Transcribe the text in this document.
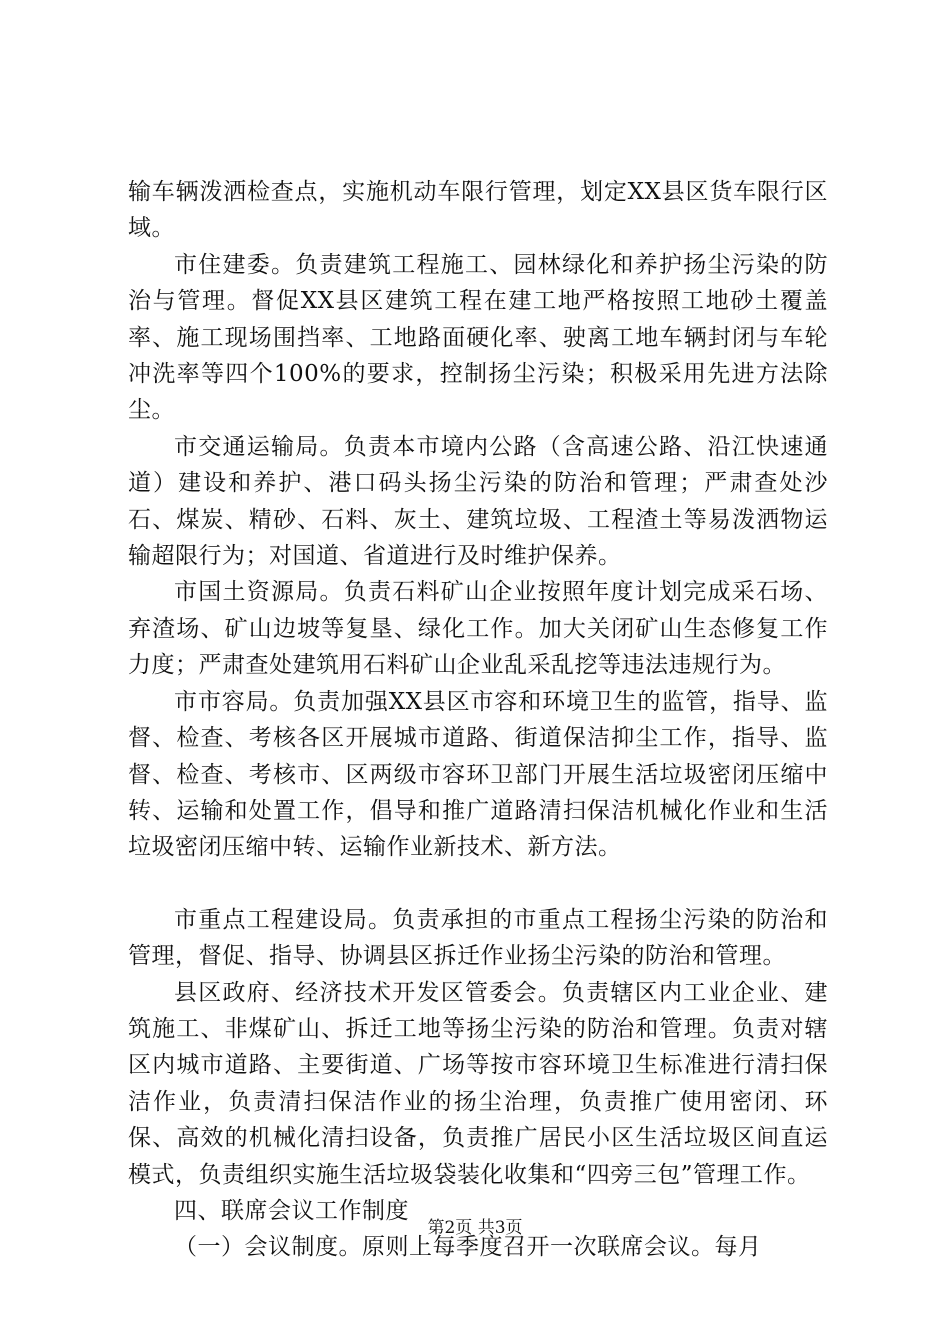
输车辆泼洒检查点，实施机动车限行管理，划定XX县区货车限行区域。

市住建委。负责建筑工程施工、园林绿化和养护扬尘污染的防治与管理。督促XX县区建筑工程在建工地严格按照工地砂土覆盖率、施工现场围挡率、工地路面硬化率、驶离工地车辆封闭与车轮冲洗率等四个100%的要求，控制扬尘污染；积极采用先进方法除尘。

市交通运输局。负责本市境内公路（含高速公路、沿江快速通道）建设和养护、港口码头扬尘污染的防治和管理；严肃查处沙石、煤炭、精砂、石料、灰土、建筑垃圾、工程渣土等易泼洒物运输超限行为；对国道、省道进行及时维护保养。

市国土资源局。负责石料矿山企业按照年度计划完成采石场、弃渣场、矿山边坡等复垦、绿化工作。加大关闭矿山生态修复工作力度；严肃查处建筑用石料矿山企业乱采乱挖等违法违规行为。

市市容局。负责加强XX县区市容和环境卫生的监管，指导、监督、检查、考核各区开展城市道路、街道保洁抑尘工作，指导、监督、检查、考核市、区两级市容环卫部门开展生活垃圾密闭压缩中转、运输和处置工作，倡导和推广道路清扫保洁机械化作业和生活垃圾密闭压缩中转、运输作业新技术、新方法。

市重点工程建设局。负责承担的市重点工程扬尘污染的防治和管理，督促、指导、协调县区拆迁作业扬尘污染的防治和管理。

县区政府、经济技术开发区管委会。负责辖区内工业企业、建筑施工、非煤矿山、拆迁工地等扬尘污染的防治和管理。负责对辖区内城市道路、主要街道、广场等按市容环境卫生标准进行清扫保洁作业，负责清扫保洁作业的扬尘治理，负责推广使用密闭、环保、高效的机械化清扫设备，负责推广居民小区生活垃圾区间直运模式，负责组织实施生活垃圾袋装化收集和“四旁三包”管理工作。

四、联席会议工作制度

（一）会议制度。原则上每季度召开一次联席会议。每月

第2页 共3页
